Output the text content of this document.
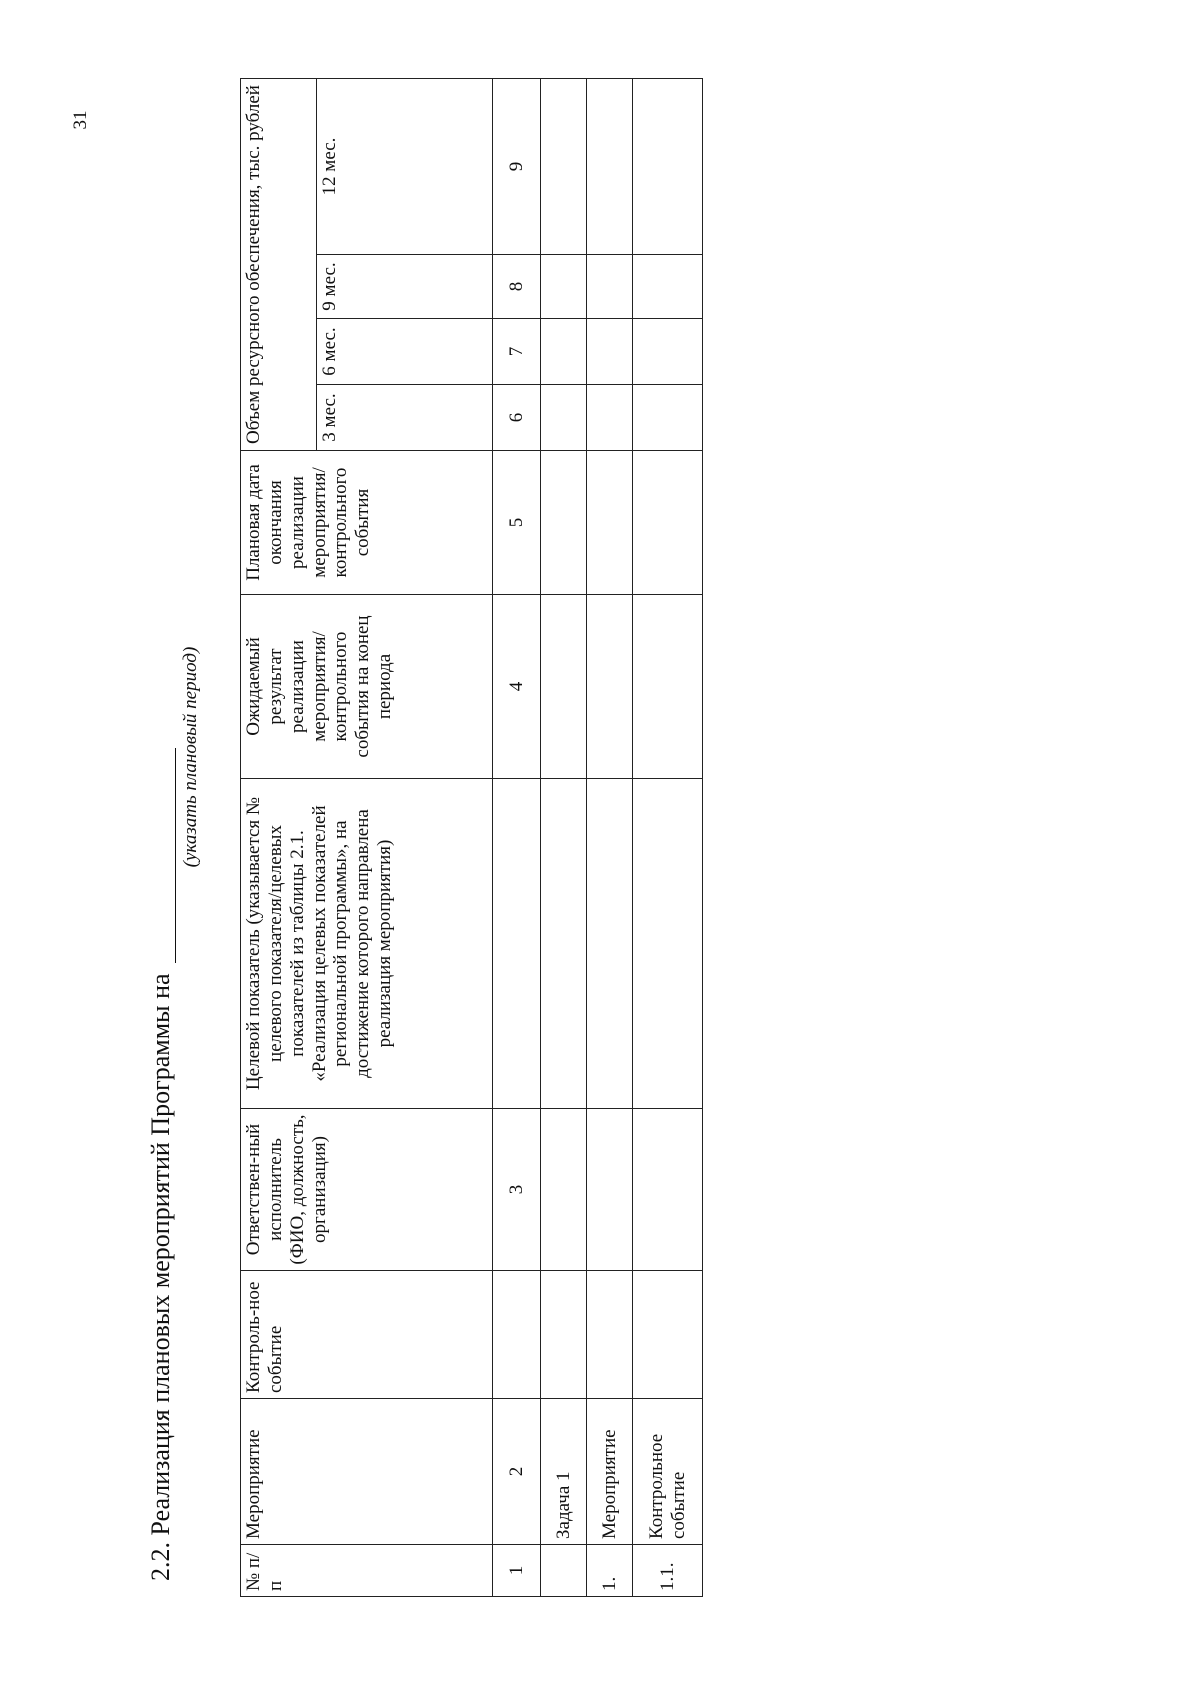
31
2.2. Реализация плановых мероприятий Программы на
(указать плановый период)
№ п/п	Мероприятие	Контроль-ное событие	Ответствен-ный исполнитель (ФИО, должность, организация)	Целевой показатель (указывается № целевого показателя/целевых показателей из таблицы 2.1. «Реализация целевых показателей региональной программы», на достижение которого направлена реализация мероприятия)	Ожидаемый результат реализации мероприятия/ контрольного события на конец периода	Плановая дата окончания реализации мероприятия/ контрольного события	Объем ресурсного обеспечения, тыс. рублей			
							3 мес.	6 мес.	9 мес.	12 мес.
1	2		3		4	5	6	7	8	9
	Задача 1									
1.	Мероприятие									
1.1.	Контрольное событие									
